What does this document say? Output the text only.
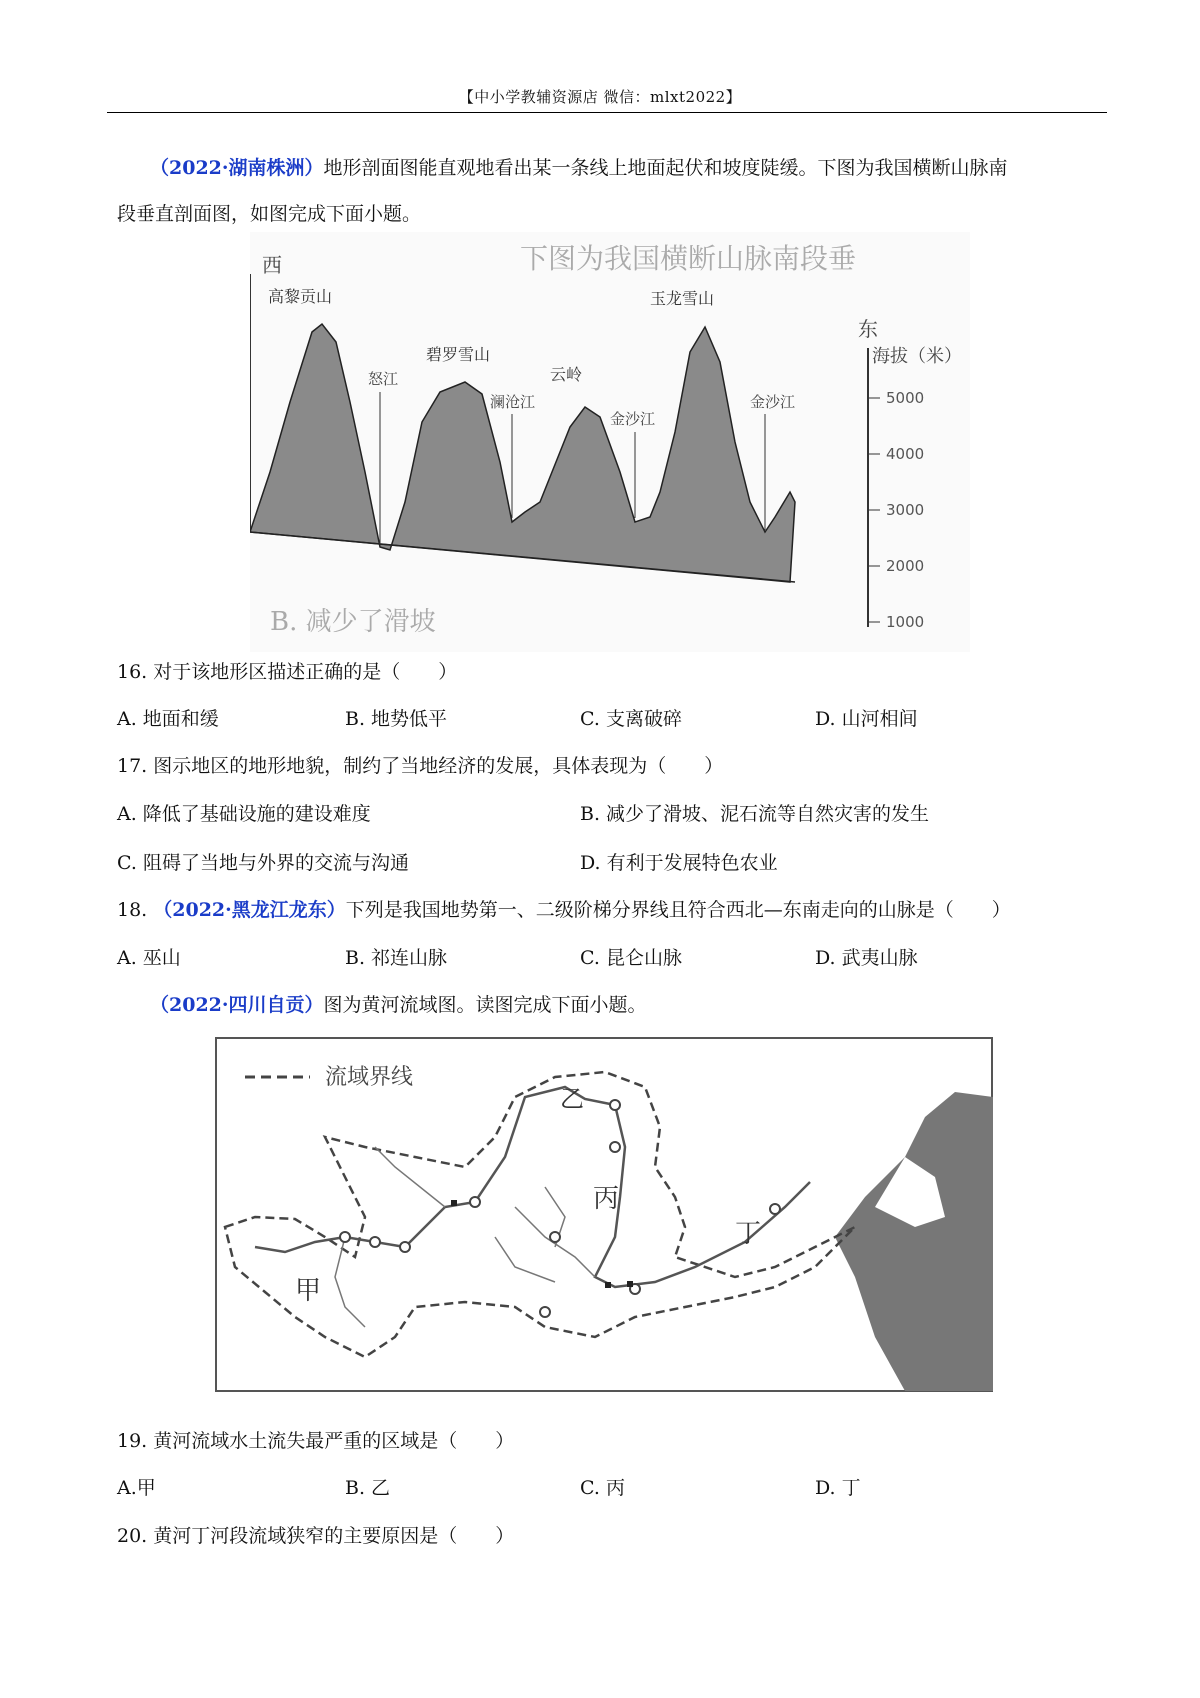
【中小学教辅资源店 微信：mlxt2022】
（2022·湖南株洲）地形剖面图能直观地看出某一条线上地面起伏和坡度陡缓。下图为我国横断山脉南
段垂直剖面图，如图完成下面小题。
下图为我国横断山脉南段垂
西
东
海拔（米）
5000
4000
3000
2000
1000
高黎贡山
碧罗雪山
云岭
玉龙雪山
怒江
澜沧江
金沙江
金沙江
B. 减少了滑坡
16. 对于该地形区描述正确的是（　　）
A. 地面和缓	B. 地势低平	C. 支离破碎	D. 山河相间
17. 图示地区的地形地貌，制约了当地经济的发展，具体表现为（　　）
A. 降低了基础设施的建设难度	B. 减少了滑坡、泥石流等自然灾害的发生
C. 阻碍了当地与外界的交流与沟通	D. 有利于发展特色农业
18. （2022·黑龙江龙东）下列是我国地势第一、二级阶梯分界线且符合西北—东南走向的山脉是（　　）
A. 巫山	B. 祁连山脉	C. 昆仑山脉	D. 武夷山脉
（2022·四川自贡）图为黄河流域图。读图完成下面小题。
流域界线
甲
乙
丙
丁
19. 黄河流域水土流失最严重的区域是（　　）
A.甲	B. 乙	C. 丙	D. 丁
20. 黄河丁河段流域狭窄的主要原因是（　　）
